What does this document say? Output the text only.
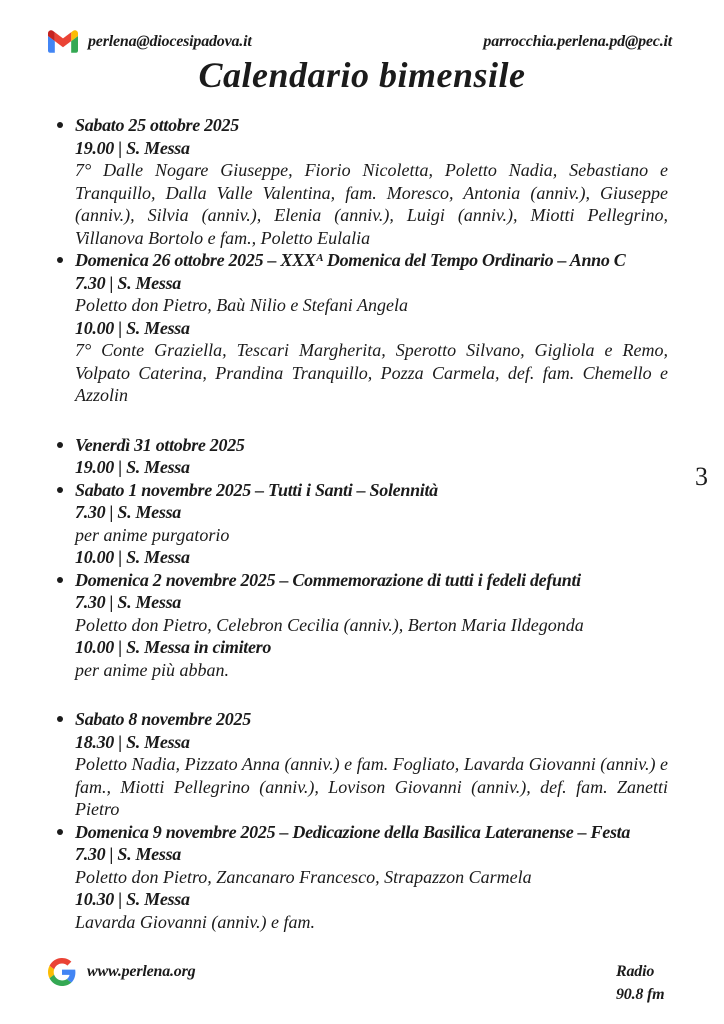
perlena@diocesipadova.it	parrocchia.perlena.pd@pec.it
Calendario bimensile
Sabato 25 ottobre 2025
19.00 | S. Messa
7° Dalle Nogare Giuseppe, Fiorio Nicoletta, Poletto Nadia, Sebastiano e Tranquillo, Dalla Valle Valentina, fam. Moresco, Antonia (anniv.), Giuseppe (anniv.), Silvia (anniv.), Elenia (anniv.), Luigi (anniv.), Miotti Pellegrino, Villanova Bortolo e fam., Poletto Eulalia
Domenica 26 ottobre 2025 – XXXᴬ Domenica del Tempo Ordinario – Anno C
7.30 | S. Messa
Poletto don Pietro, Baù Nilio e Stefani Angela
10.00 | S. Messa
7° Conte Graziella, Tescari Margherita, Sperotto Silvano, Gigliola e Remo, Volpato Caterina, Prandina Tranquillo, Pozza Carmela, def. fam. Chemello e Azzolin
Venerdì 31 ottobre 2025
19.00 | S. Messa
Sabato 1 novembre 2025 – Tutti i Santi – Solennità
7.30 | S. Messa
per anime purgatorio
10.00 | S. Messa
Domenica 2 novembre 2025 – Commemorazione di tutti i fedeli defunti
7.30 | S. Messa
Poletto don Pietro, Celebron Cecilia (anniv.), Berton Maria Ildegonda
10.00 | S. Messa in cimitero
per anime più abban.
Sabato 8 novembre 2025
18.30 | S. Messa
Poletto Nadia, Pizzato Anna (anniv.) e fam. Fogliato, Lavarda Giovanni (anniv.) e fam., Miotti Pellegrino (anniv.), Lovison Giovanni (anniv.), def. fam. Zanetti Pietro
Domenica 9 novembre 2025 – Dedicazione della Basilica Lateranense – Festa
7.30 | S. Messa
Poletto don Pietro, Zancanaro Francesco, Strapazzon Carmela
10.30 | S. Messa
Lavarda Giovanni (anniv.) e fam.
3
www.perlena.org	Radio
90.8 fm
